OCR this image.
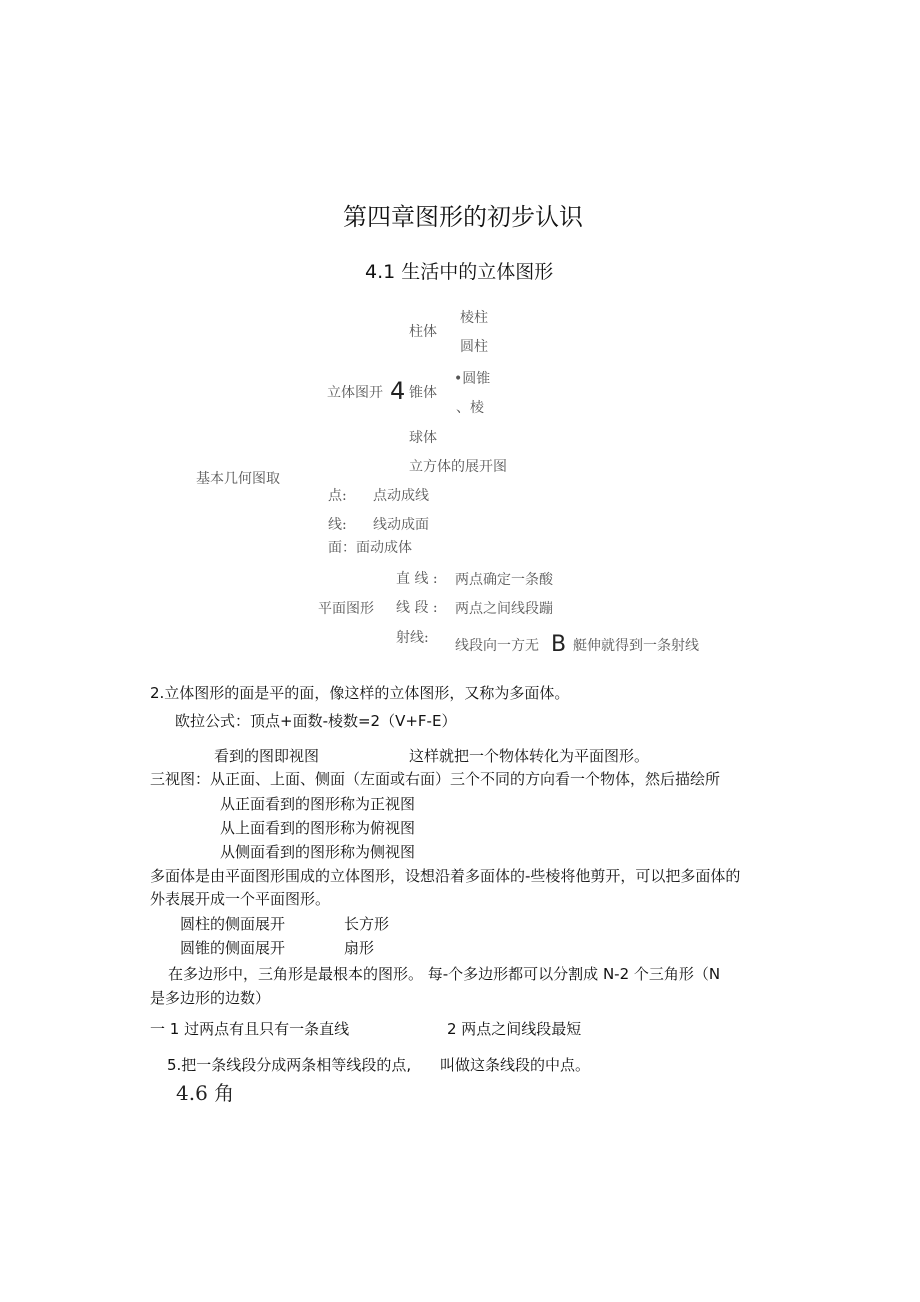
第四章图形的初步认识
4.1 生活中的立体图形
柱体
棱柱
圆柱
立体图开 4 锥体
•圆锥
、棱
球体
立方体的展开图
基本几何图取
点: 点动成线
线: 线动成面
面：面动成体
直 线 : 两点确定一条酸
平面图形 线 段 : 两点之间线段蹦
射线: 线段向一方无 B 艇伸就得到一条射线
2.立体图形的面是平的面，像这样的立体图形，又称为多面体。
欧拉公式：顶点+面数-棱数=2（V+F-E）
看到的图即视图	这样就把一个物体转化为平面图形。
三视图：从正面、上面、侧面（左面或右面）三个不同的方向看一个物体，然后描绘所
从正面看到的图形称为正视图
从上面看到的图形称为俯视图
从侧面看到的图形称为侧视图
多面体是由平面图形围成的立体图形，设想沿着多面体的-些棱将他剪开，可以把多面体的
外表展开成一个平面图形。
圆柱的侧面展开	长方形
圆锥的侧面展开	扇形
在多边形中，三角形是最根本的图形。 每-个多边形都可以分割成 N-2 个三角形（N
是多边形的边数）
一 1 过两点有且只有一条直线	2 两点之间线段最短
5.把一条线段分成两条相等线段的点, 叫做这条线段的中点。
4.6 角
